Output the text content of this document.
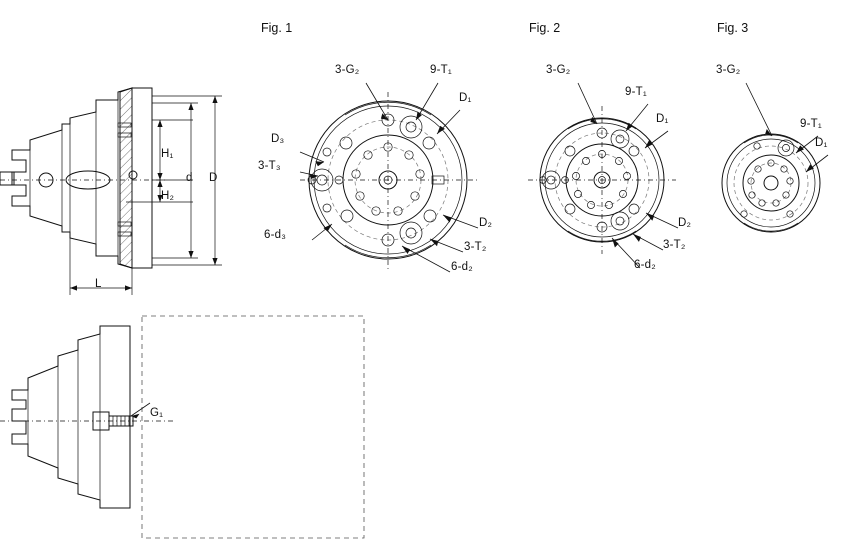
Fig. 1	Fig. 2	Fig. 3
H₁
H₂
d D
L
G₁
3-G₂	9-T₁
D₁
D₃
3-T₃
6-d₃
D₂
3-T₂
6-d₂
3-G₂
9-T₁
D₁
D₂
3-T₂
6-d₂
3-G₂
9-T₁
D₁
